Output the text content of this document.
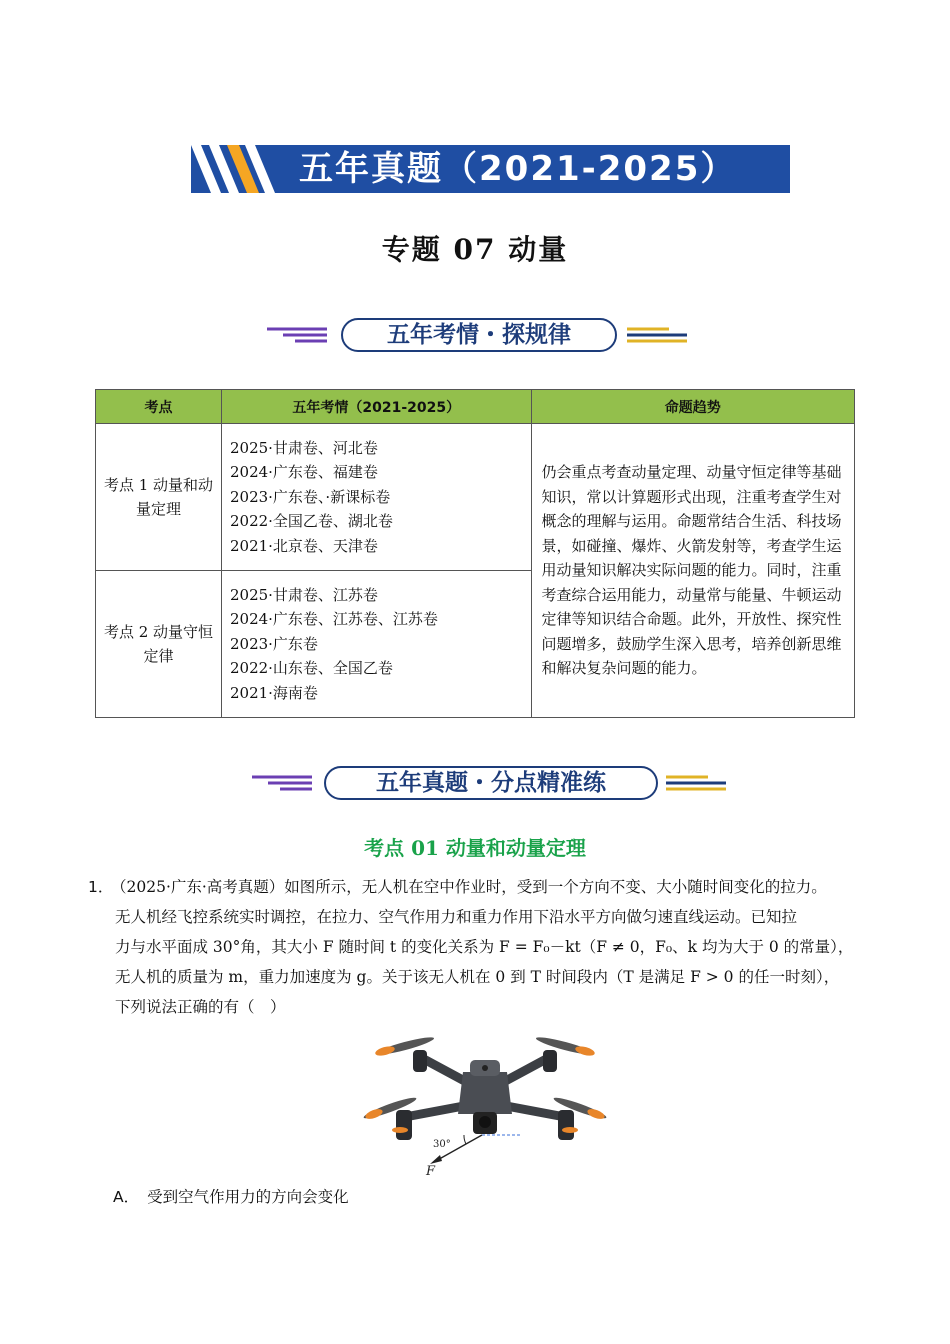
五年真题（2021-2025）
专题 07 动量
五年考情・探规律
考点	五年考情（2021-2025）	命题趋势

考点 1 动量和动量定理	2025·甘肃卷、河北卷
2024·广东卷、福建卷
2023·广东卷、·新课标卷
2022·全国乙卷、湖北卷
2021·北京卷、天津卷	仍会重点考查动量定理、动量守恒定律等基础知识，常以计算题形式出现，注重考查学生对概念的理解与运用。命题常结合生活、科技场景，如碰撞、爆炸、火箭发射等，考查学生运用动量知识解决实际问题的能力。同时，注重考查综合运用能力，动量常与能量、牛顿运动定律等知识结合命题。此外，开放性、探究性问题增多，鼓励学生深入思考，培养创新思维和解决复杂问题的能力。

考点 2 动量守恒定律	2025·甘肃卷、江苏卷
2024·广东卷、江苏卷、江苏卷
2023·广东卷
2022·山东卷、全国乙卷
2021·海南卷	
五年真题・分点精准练
考点 01 动量和动量定理
1．
（2025·广东·高考真题）如图所示，无人机在空中作业时，受到一个方向不变、大小随时间变化的拉力。
无人机经飞控系统实时调控，在拉力、空气作用力和重力作用下沿水平方向做匀速直线运动。已知拉
力与水平面成 30°角，其大小 F 随时间 t 的变化关系为 F = F₀－kt（F ≠ 0，F₀、k 均为大于 0 的常量），
无人机的质量为 m，重力加速度为 g。关于该无人机在 0 到 T 时间段内（T 是满足 F > 0 的任一时刻），
下列说法正确的有（　）
30°
F
A． 受到空气作用力的方向会变化
